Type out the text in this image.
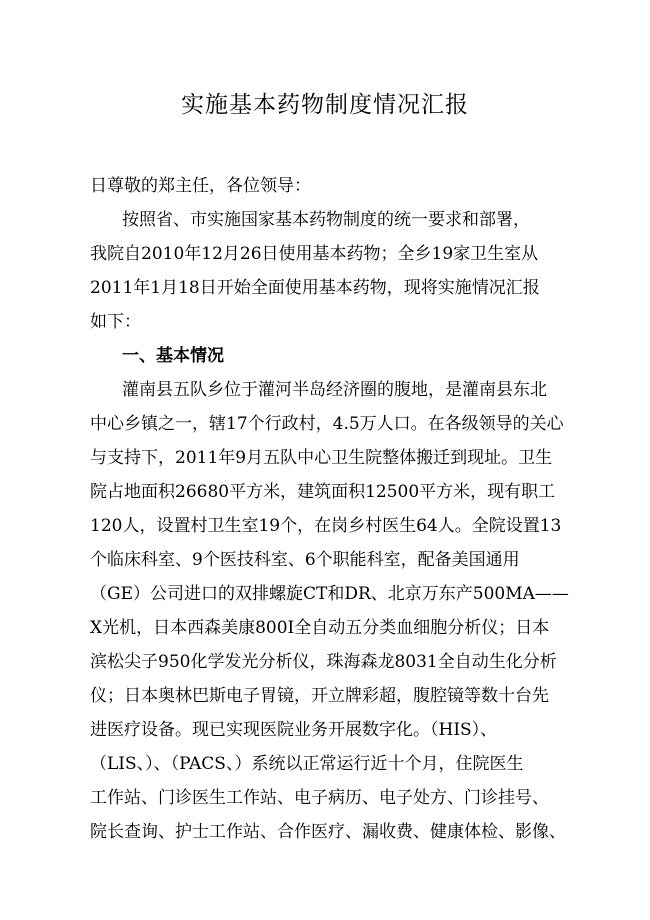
实施基本药物制度情况汇报
日尊敬的郑主任，各位领导：
按照省、市实施国家基本药物制度的统一要求和部署，
我院自2010年12月26日使用基本药物；全乡19家卫生室从
2011年1月18日开始全面使用基本药物，现将实施情况汇报
如下：
一、基本情况
灌南县五队乡位于灌河半岛经济圈的腹地，是灌南县东北
中心乡镇之一，辖17个行政村，4.5万人口。在各级领导的关心
与支持下，2011年9月五队中心卫生院整体搬迁到现址。卫生
院占地面积26680平方米，建筑面积12500平方米，现有职工
120人，设置村卫生室19个，在岗乡村医生64人。全院设置13
个临床科室、9个医技科室、6个职能科室，配备美国通用
（GE）公司进口的双排螺旋CT和DR、北京万东产500MA——
X光机，日本西森美康800I全自动五分类血细胞分析仪；日本
滨松尖子950化学发光分析仪，珠海森龙8031全自动生化分析
仪；日本奥林巴斯电子胃镜，开立牌彩超，腹腔镜等数十台先
进医疗设备。现已实现医院业务开展数字化。（HIS）、
（LIS、）、（PACS、）系统以正常运行近十个月，住院医生
工作站、门诊医生工作站、电子病历、电子处方、门诊挂号、
院长查询、护士工作站、合作医疗、漏收费、健康体检、影像、
